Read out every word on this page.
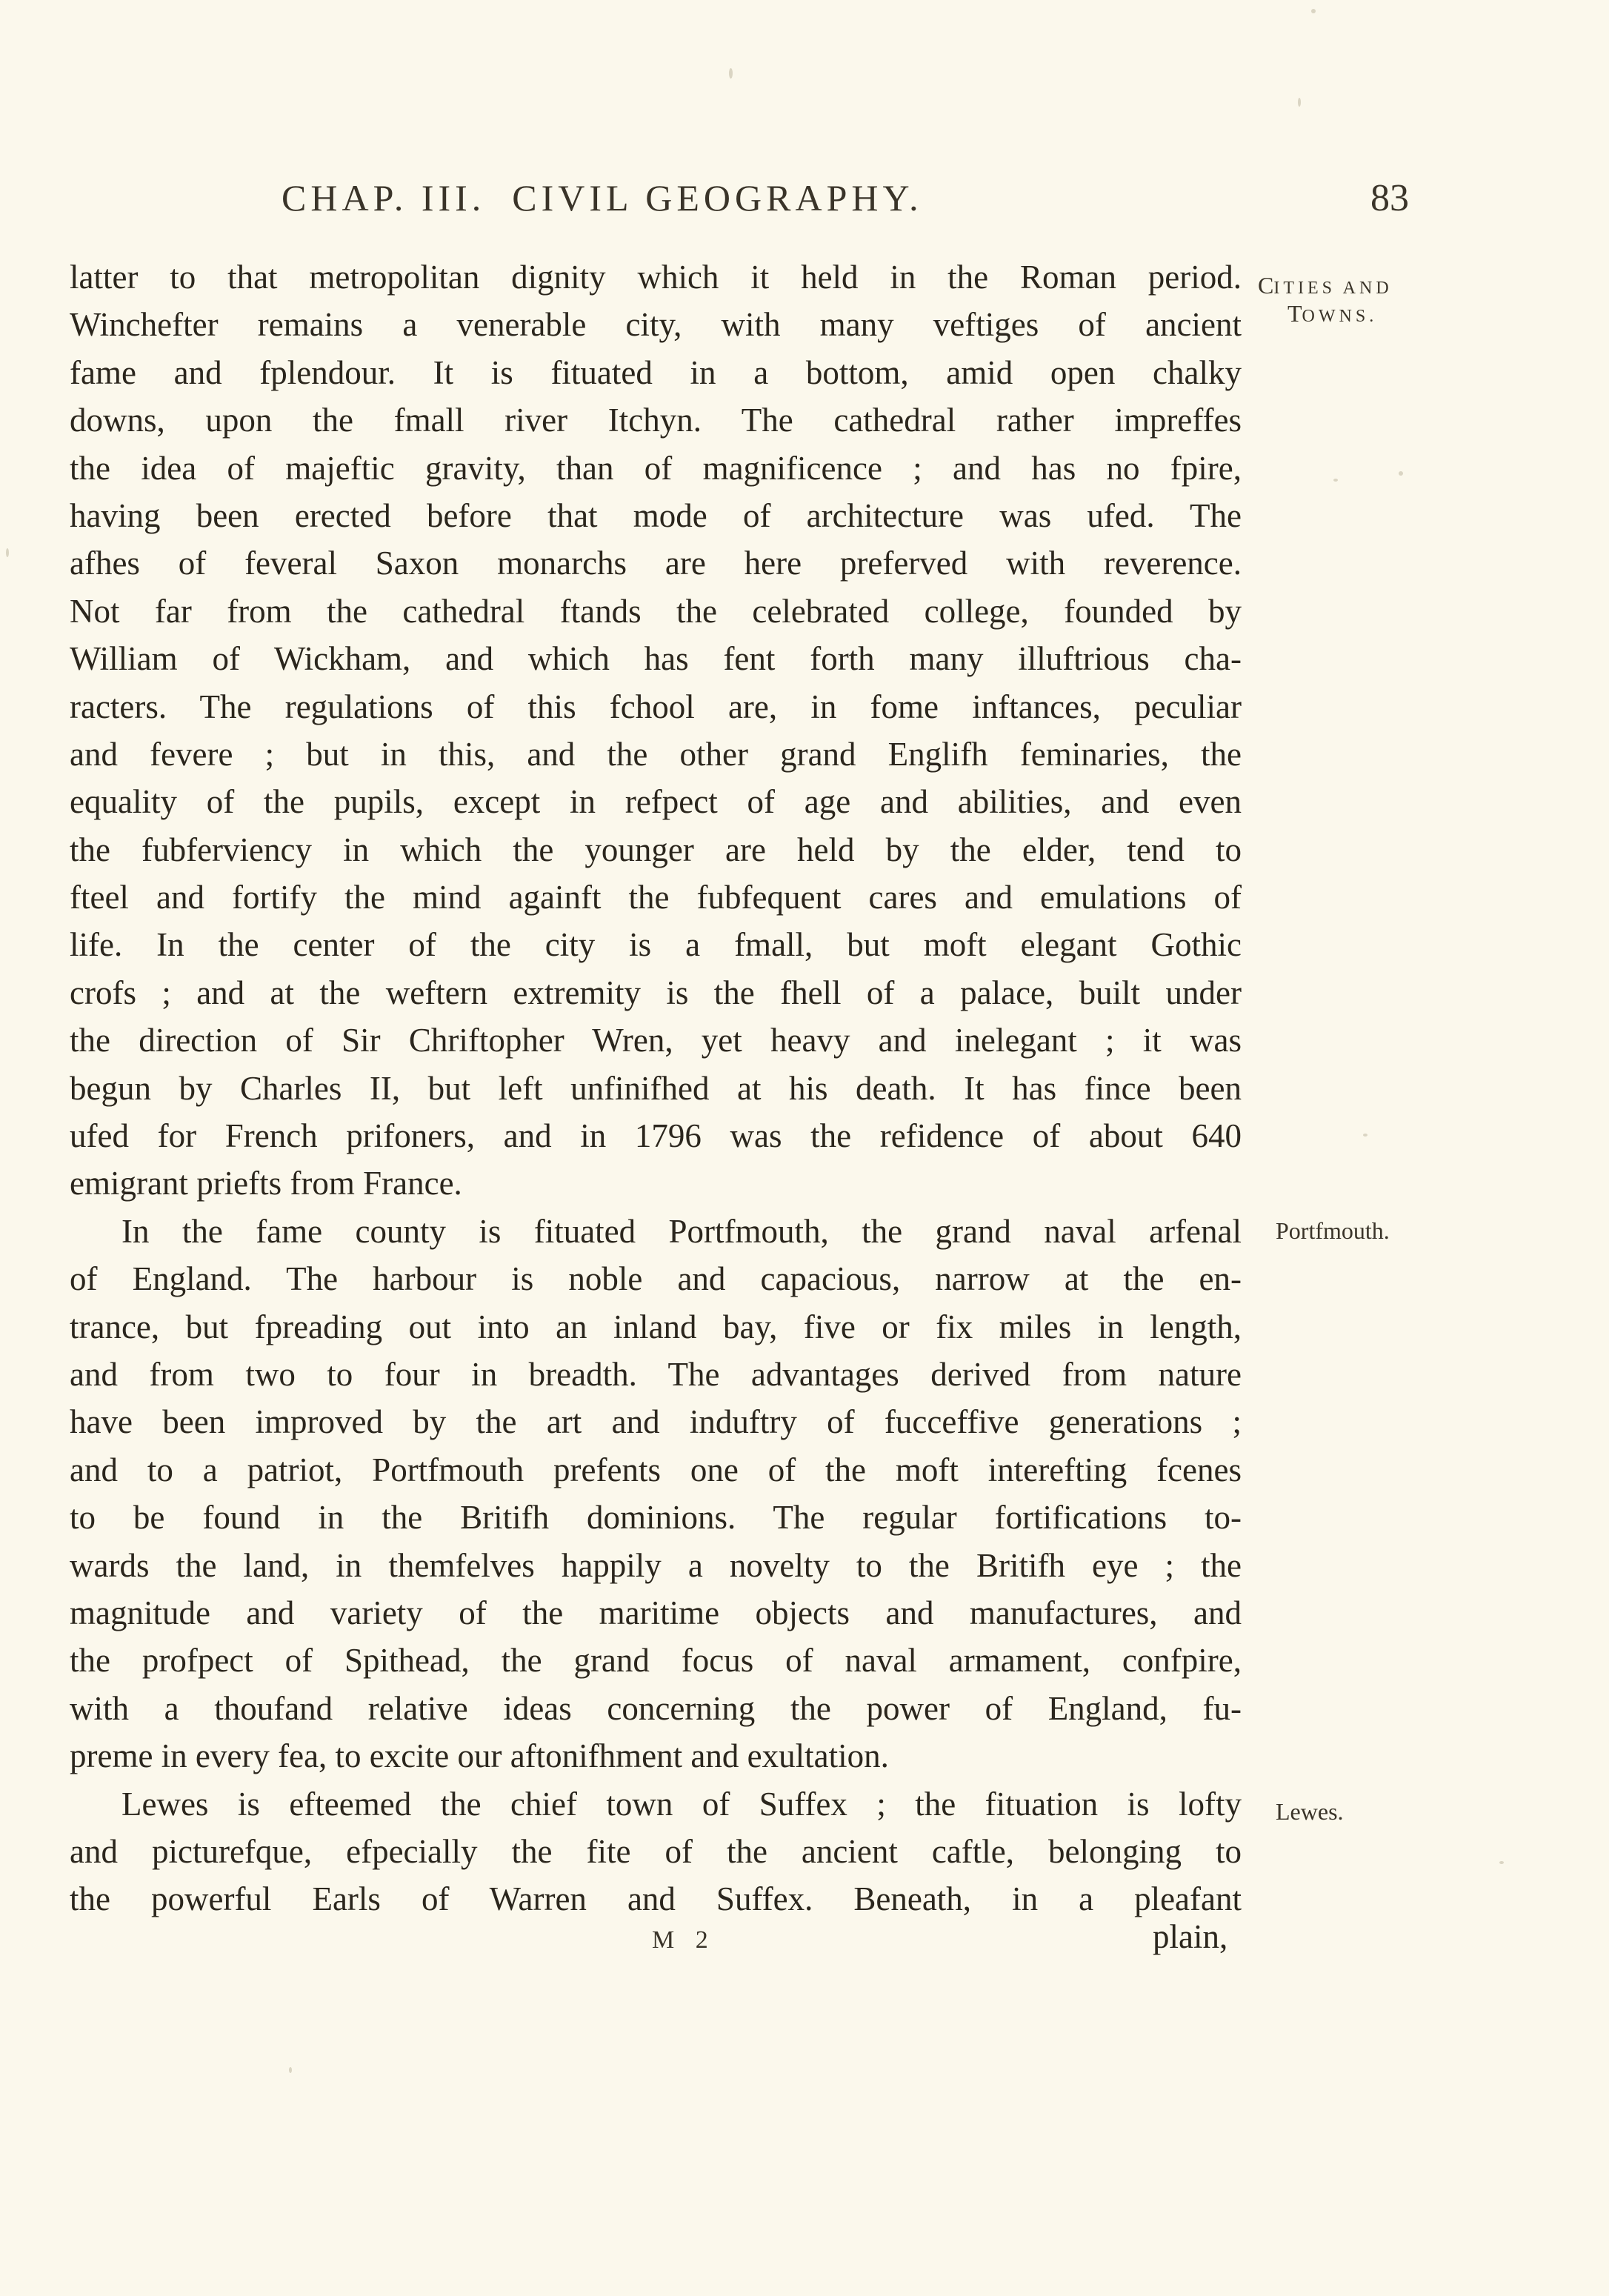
CHAP. III. CIVIL GEOGRAPHY.	83
CITIES AND
TOWNS.
Portfmouth.
Lewes.
latter to that metropolitan dignity which it held in the Roman period.
Winchefter remains a venerable city, with many veftiges of ancient
fame and fplendour. It is fituated in a bottom, amid open chalky
downs, upon the fmall river Itchyn. The cathedral rather impreffes
the idea of majeftic gravity, than of magnificence ; and has no fpire,
having been erected before that mode of architecture was ufed. The
afhes of feveral Saxon monarchs are here preferved with reverence.
Not far from the cathedral ftands the celebrated college, founded by
William of Wickham, and which has fent forth many illuftrious cha-
racters. The regulations of this fchool are, in fome inftances, peculiar
and fevere ; but in this, and the other grand Englifh feminaries, the
equality of the pupils, except in refpect of age and abilities, and even
the fubferviency in which the younger are held by the elder, tend to
fteel and fortify the mind againft the fubfequent cares and emulations of
life. In the center of the city is a fmall, but moft elegant Gothic
crofs ; and at the weftern extremity is the fhell of a palace, built under
the direction of Sir Chriftopher Wren, yet heavy and inelegant ; it was
begun by Charles II, but left unfinifhed at his death. It has fince been
ufed for French prifoners, and in 1796 was the refidence of about 640
emigrant priefts from France.
In the fame county is fituated Portfmouth, the grand naval arfenal
of England. The harbour is noble and capacious, narrow at the en-
trance, but fpreading out into an inland bay, five or fix miles in length,
and from two to four in breadth. The advantages derived from nature
have been improved by the art and induftry of fucceffive generations ;
and to a patriot, Portfmouth prefents one of the moft interefting fcenes
to be found in the Britifh dominions. The regular fortifications to-
wards the land, in themfelves happily a novelty to the Britifh eye ; the
magnitude and variety of the maritime objects and manufactures, and
the profpect of Spithead, the grand focus of naval armament, confpire,
with a thoufand relative ideas concerning the power of England, fu-
preme in every fea, to excite our aftonifhment and exultation.
Lewes is efteemed the chief town of Suffex ; the fituation is lofty
and picturefque, efpecially the fite of the ancient caftle, belonging to
the powerful Earls of Warren and Suffex. Beneath, in a pleafant
M 2	plain,
